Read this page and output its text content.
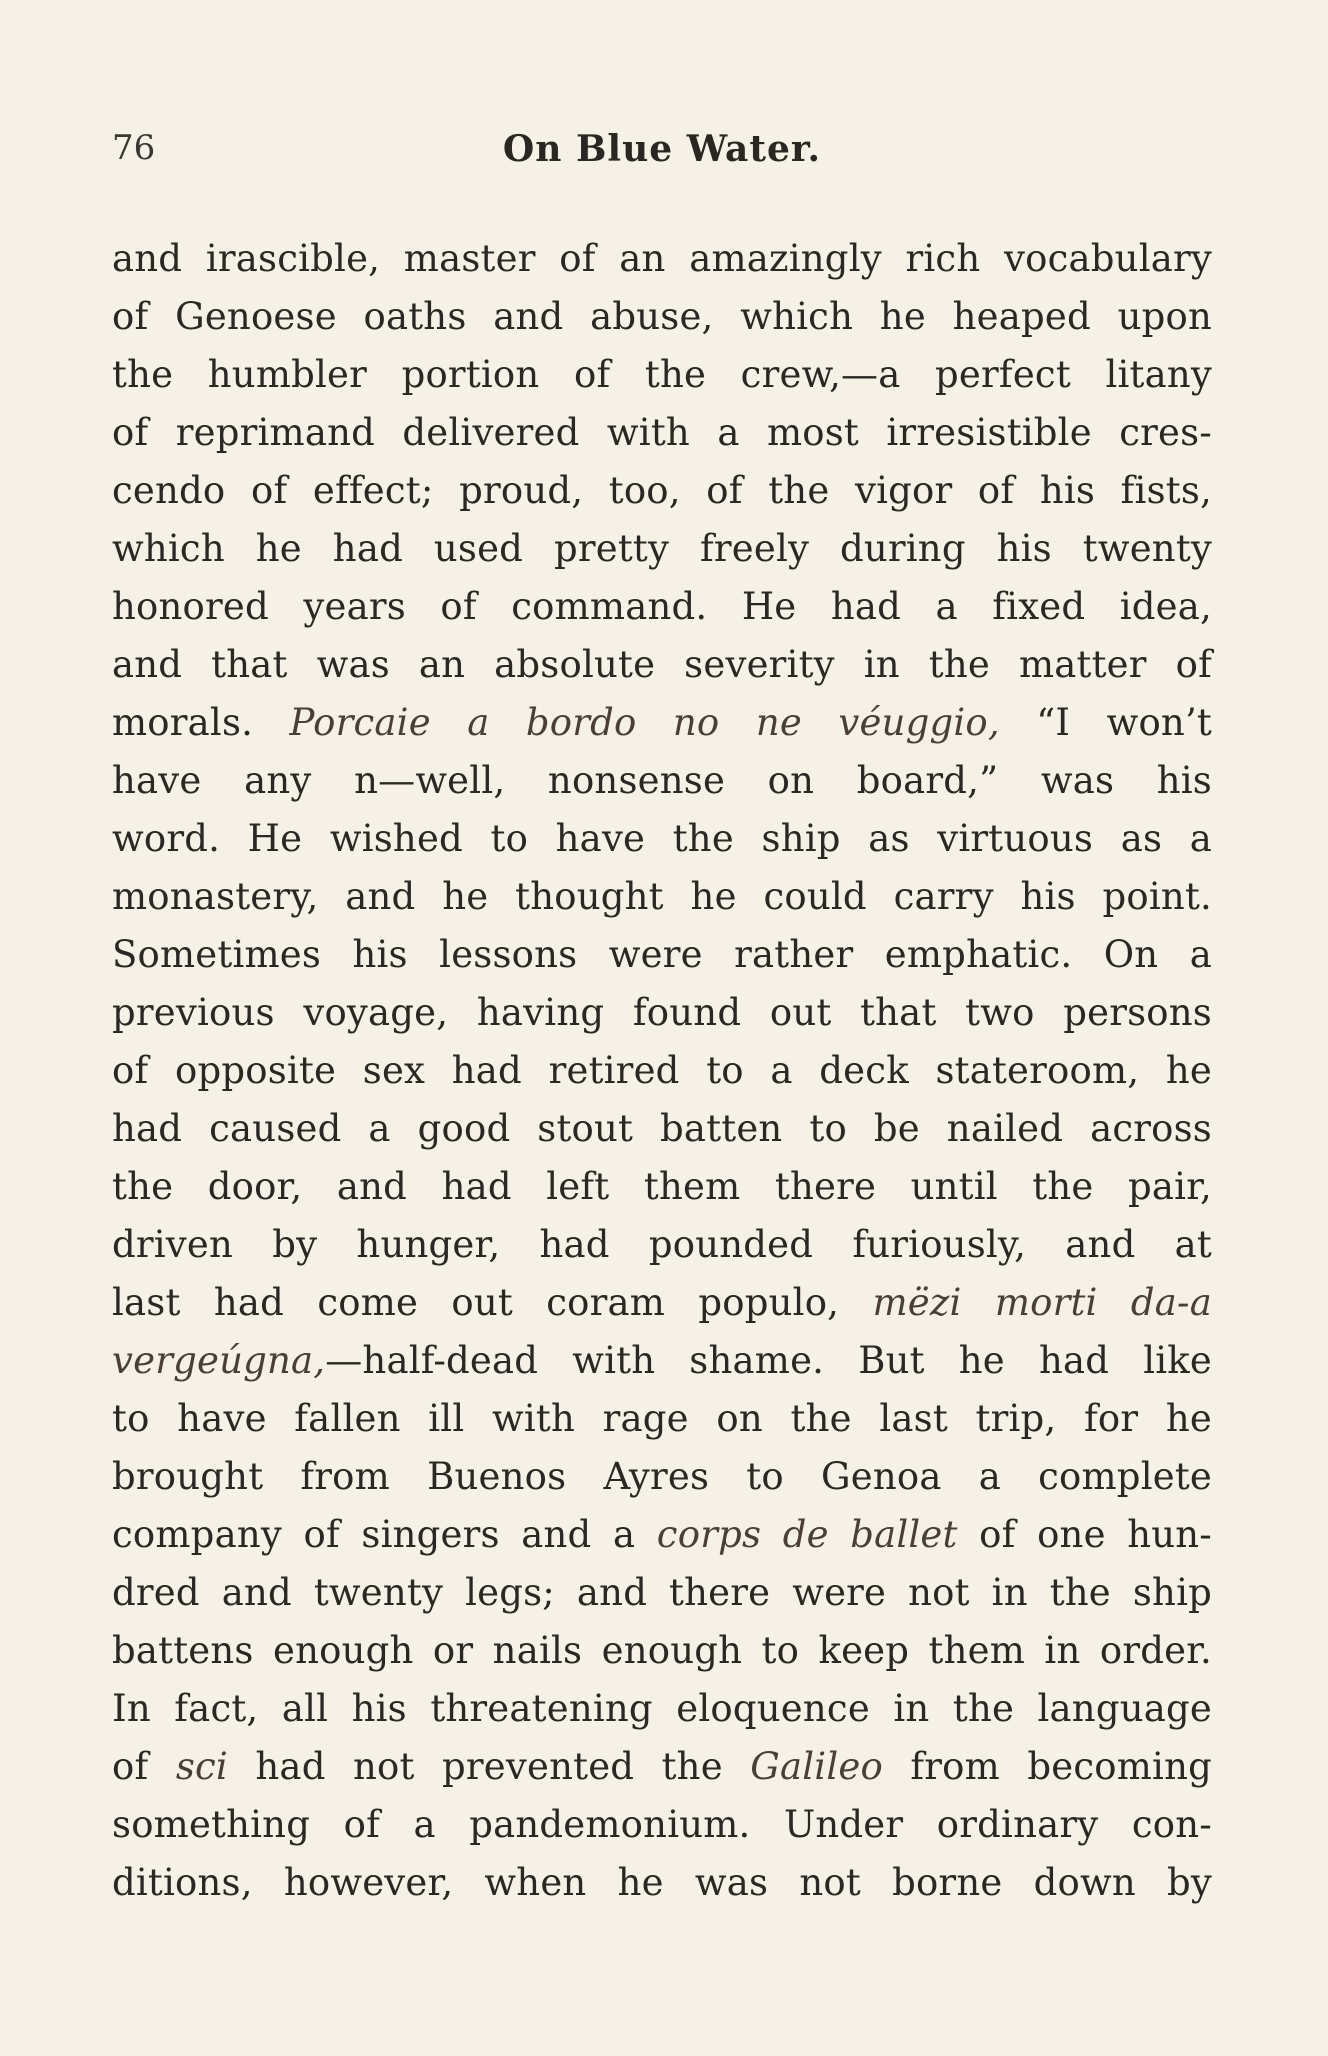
76	On Blue Water.
and irascible, master of an amazingly rich vocabulary
of Genoese oaths and abuse, which he heaped upon
the humbler portion of the crew,—a perfect litany
of reprimand delivered with a most irresistible cres-
cendo of effect; proud, too, of the vigor of his fists,
which he had used pretty freely during his twenty
honored years of command. He had a fixed idea,
and that was an absolute severity in the matter of
morals. Porcaie a bordo no ne véuggio, “I won’t
have any n—well, nonsense on board,” was his
word. He wished to have the ship as virtuous as a
monastery, and he thought he could carry his point.
Sometimes his lessons were rather emphatic. On a
previous voyage, having found out that two persons
of opposite sex had retired to a deck stateroom, he
had caused a good stout batten to be nailed across
the door, and had left them there until the pair,
driven by hunger, had pounded furiously, and at
last had come out coram populo, mëzi morti da-a
vergeúgna,—half-dead with shame. But he had like
to have fallen ill with rage on the last trip, for he
brought from Buenos Ayres to Genoa a complete
company of singers and a corps de ballet of one hun-
dred and twenty legs; and there were not in the ship
battens enough or nails enough to keep them in order.
In fact, all his threatening eloquence in the language
of sci had not prevented the Galileo from becoming
something of a pandemonium. Under ordinary con-
ditions, however, when he was not borne down by
